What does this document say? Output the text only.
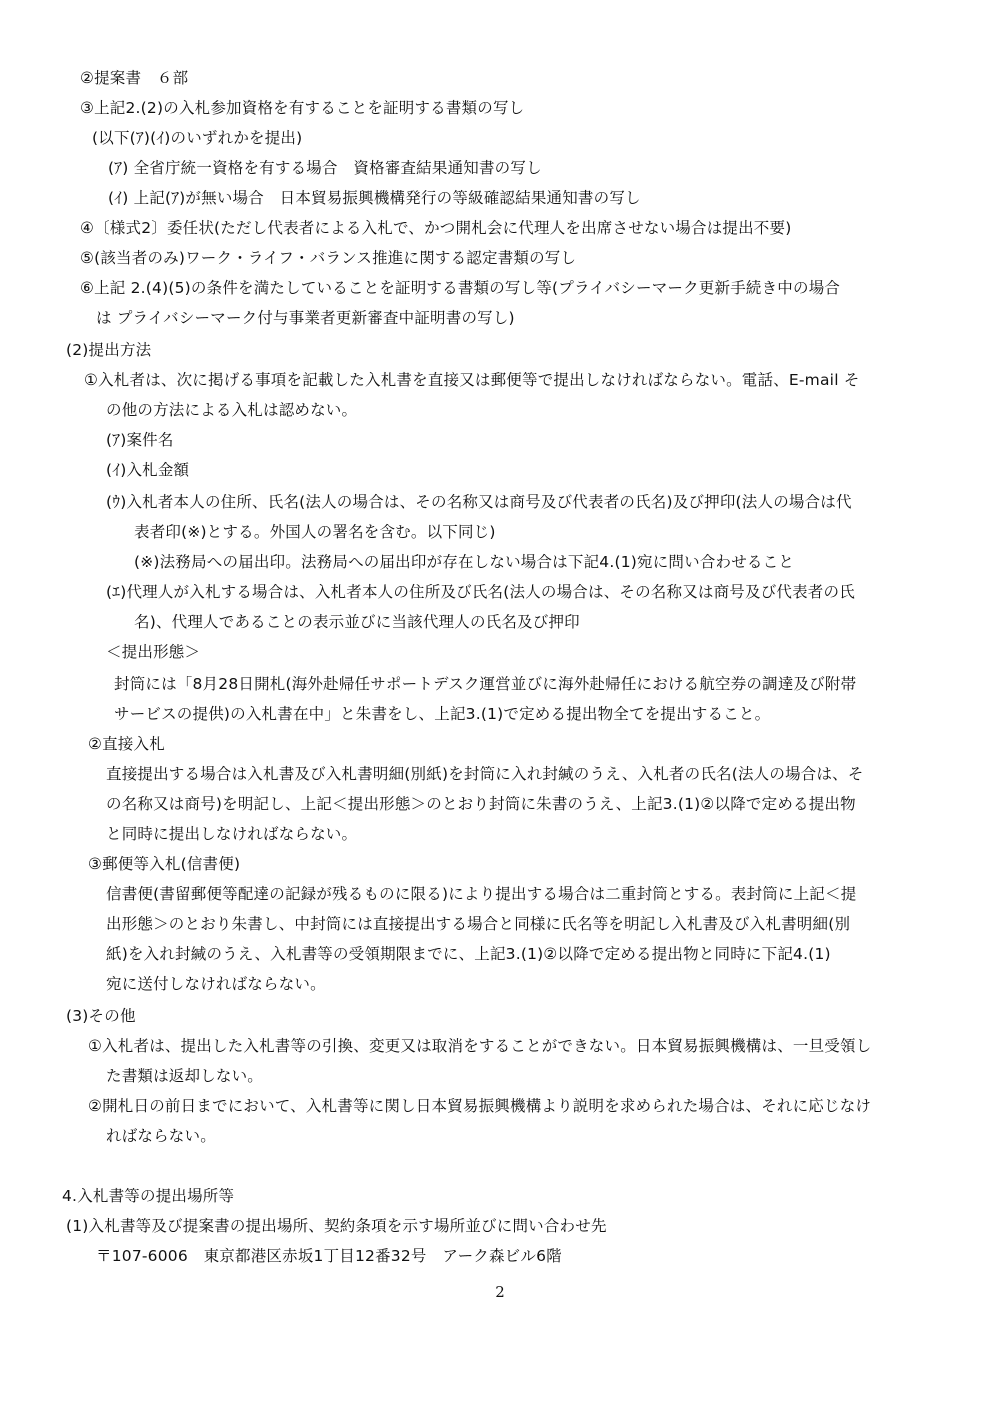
②提案書　６部
③上記2.(2)の入札参加資格を有することを証明する書類の写し
(以下(ｱ)(ｲ)のいずれかを提出)
(ｱ) 全省庁統一資格を有する場合　資格審査結果通知書の写し
(ｲ) 上記(ｱ)が無い場合　日本貿易振興機構発行の等級確認結果通知書の写し
④〔様式2〕委任状(ただし代表者による入札で、かつ開札会に代理人を出席させない場合は提出不要)
⑤(該当者のみ)ワーク・ライフ・バランス推進に関する認定書類の写し
⑥上記 2.(4)(5)の条件を満たしていることを証明する書類の写し等(プライバシーマーク更新手続き中の場合
は プライバシーマーク付与事業者更新審査中証明書の写し)
(2)提出方法
①入札者は、次に掲げる事項を記載した入札書を直接又は郵便等で提出しなければならない。電話、E-mail そ
の他の方法による入札は認めない。
(ｱ)案件名
(ｲ)入札金額
(ｳ)入札者本人の住所、氏名(法人の場合は、その名称又は商号及び代表者の氏名)及び押印(法人の場合は代
表者印(※)とする。外国人の署名を含む。以下同じ)
(※)法務局への届出印。法務局への届出印が存在しない場合は下記4.(1)宛に問い合わせること
(ｴ)代理人が入札する場合は、入札者本人の住所及び氏名(法人の場合は、その名称又は商号及び代表者の氏
名)、代理人であることの表示並びに当該代理人の氏名及び押印
＜提出形態＞
封筒には「8月28日開札(海外赴帰任サポートデスク運営並びに海外赴帰任における航空券の調達及び附帯
サービスの提供)の入札書在中」と朱書をし、上記3.(1)で定める提出物全てを提出すること。
②直接入札
直接提出する場合は入札書及び入札書明細(別紙)を封筒に入れ封緘のうえ、入札者の氏名(法人の場合は、そ
の名称又は商号)を明記し、上記＜提出形態＞のとおり封筒に朱書のうえ、上記3.(1)②以降で定める提出物
と同時に提出しなければならない。
③郵便等入札(信書便)
信書便(書留郵便等配達の記録が残るものに限る)により提出する場合は二重封筒とする。表封筒に上記＜提
出形態＞のとおり朱書し、中封筒には直接提出する場合と同様に氏名等を明記し入札書及び入札書明細(別
紙)を入れ封緘のうえ、入札書等の受領期限までに、上記3.(1)②以降で定める提出物と同時に下記4.(1)
宛に送付しなければならない。
(3)その他
①入札者は、提出した入札書等の引換、変更又は取消をすることができない。日本貿易振興機構は、一旦受領し
た書類は返却しない。
②開札日の前日までにおいて、入札書等に関し日本貿易振興機構より説明を求められた場合は、それに応じなけ
ればならない。
4.入札書等の提出場所等
(1)入札書等及び提案書の提出場所、契約条項を示す場所並びに問い合わせ先
〒107-6006　東京都港区赤坂1丁目12番32号　アーク森ビル6階
2
